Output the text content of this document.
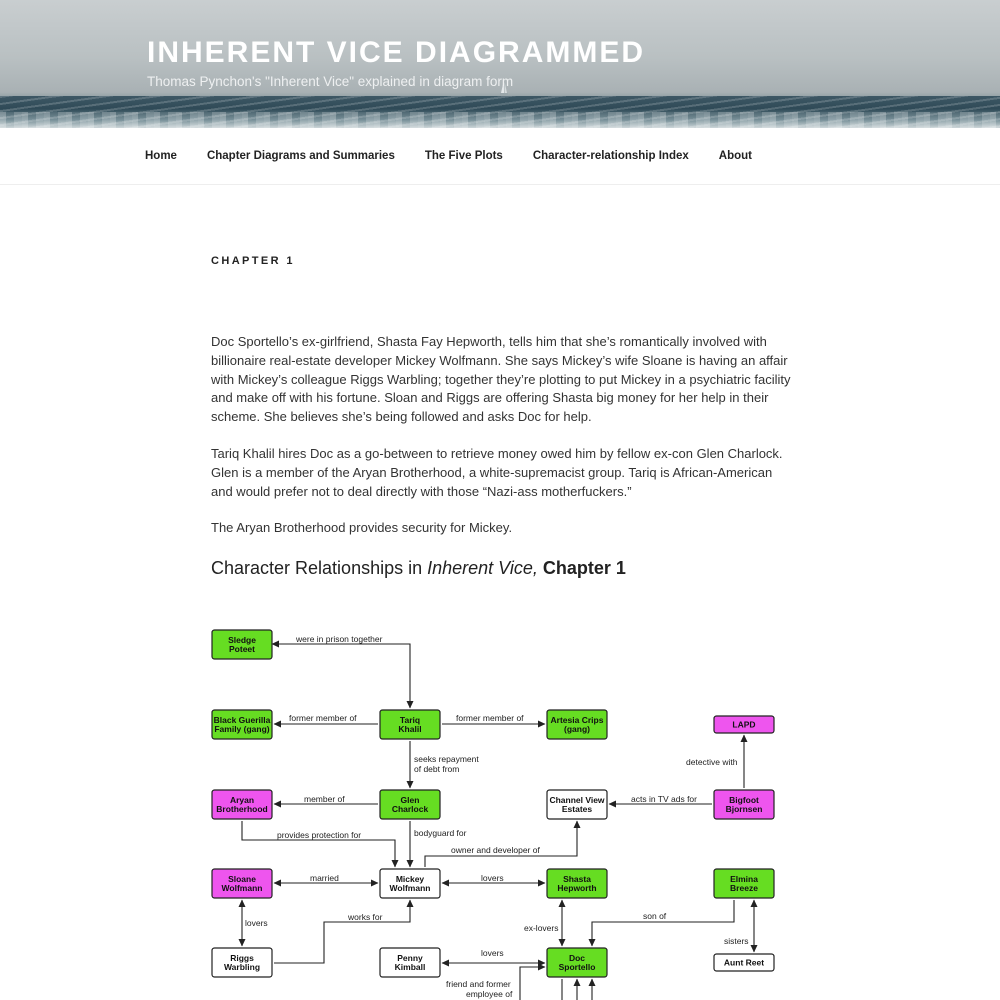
INHERENT VICE DIAGRAMMED

Thomas Pynchon's "Inherent Vice" explained in diagram form

Home	Chapter Diagrams and Summaries	The Five Plots	Character-relationship Index	About
CHAPTER 1

Doc Sportello’s ex-girlfriend, Shasta Fay Hepworth, tells him that she’s romantically involved with billionaire real-estate developer Mickey Wolfmann. She says Mickey’s wife Sloane is having an affair with Mickey’s colleague Riggs Warbling; together they’re plotting to put Mickey in a psychiatric facility and make off with his fortune. Sloan and Riggs are offering Shasta big money for her help in their scheme. She believes she’s being followed and asks Doc for help.

Tariq Khalil hires Doc as a go-between to retrieve money owed him by fellow ex-con Glen Charlock. Glen is a member of the Aryan Brotherhood, a white-supremacist group. Tariq is African-American and would prefer not to deal directly with those “Nazi-ass motherfuckers.”

The Aryan Brotherhood provides security for Mickey.

Character Relationships in Inherent Vice, Chapter 1
Sledge
Poteet
Black Guerilla
Family (gang)
Tariq
Khalil
Artesia Crips
(gang)	LAPD
Aryan
Brotherhood
Glen
Charlock
Channel View
Estates
Bigfoot
Bjornsen
Sloane
Wolfmann
Mickey
Wolfmann
Shasta
Hepworth
Elmina
Breeze
Riggs
Warbling
Penny
Kimball
Doc
Sportello	Aunt Reet
were in prison together
former member of	former member of
seeks repayment
of debt from
detective with
member of	acts in TV ads for
provides protection for	bodyguard for
owner and developer of
married	lovers
lovers
works for
ex-lovers
son of
sisters
lovers
friend and former
employee of
